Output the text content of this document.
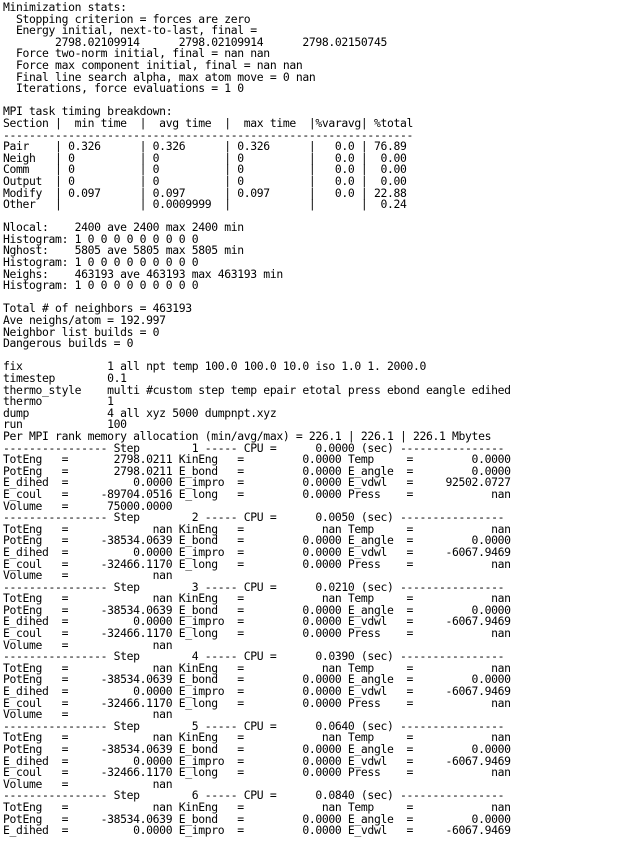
Minimization stats:
Stopping criterion = forces are zero
Energy initial, next-to-last, final =
2798.02109914      2798.02109914      2798.02150745
Force two-norm initial, final = nan nan
Force max component initial, final = nan nan
Final line search alpha, max atom move = 0 nan
Iterations, force evaluations = 1 0

MPI task timing breakdown:
Section |  min time  |  avg time  |  max time  |%varavg| %total
---------------------------------------------------------------
Pair    | 0.326      | 0.326      | 0.326      |   0.0 | 76.89
Neigh   | 0          | 0          | 0          |   0.0 |  0.00
Comm    | 0          | 0          | 0          |   0.0 |  0.00
Output  | 0          | 0          | 0          |   0.0 |  0.00
Modify  | 0.097      | 0.097      | 0.097      |   0.0 | 22.88
Other   |            | 0.0009999  |            |       |  0.24

Nlocal:    2400 ave 2400 max 2400 min
Histogram: 1 0 0 0 0 0 0 0 0 0
Nghost:    5805 ave 5805 max 5805 min
Histogram: 1 0 0 0 0 0 0 0 0 0
Neighs:    463193 ave 463193 max 463193 min
Histogram: 1 0 0 0 0 0 0 0 0 0

Total # of neighbors = 463193
Ave neighs/atom = 192.997
Neighbor list builds = 0
Dangerous builds = 0

fix             1 all npt temp 100.0 100.0 10.0 iso 1.0 1. 2000.0
timestep        0.1
thermo_style    multi #custom step temp epair etotal press ebond eangle edihed
thermo          1
dump            4 all xyz 5000 dumpnpt.xyz
run             100
Per MPI rank memory allocation (min/avg/max) = 226.1 | 226.1 | 226.1 Mbytes
---------------- Step        1 ----- CPU =      0.0000 (sec) ----------------
TotEng   =       2798.0211 KinEng   =         0.0000 Temp     =         0.0000
PotEng   =       2798.0211 E_bond   =         0.0000 E_angle  =         0.0000
E_dihed  =          0.0000 E_impro  =         0.0000 E_vdwl   =     92502.0727
E_coul   =     -89704.0516 E_long   =         0.0000 Press    =            nan
Volume   =      75000.0000
---------------- Step        2 ----- CPU =      0.0050 (sec) ----------------
TotEng   =             nan KinEng   =            nan Temp     =            nan
PotEng   =     -38534.0639 E_bond   =         0.0000 E_angle  =         0.0000
E_dihed  =          0.0000 E_impro  =         0.0000 E_vdwl   =     -6067.9469
E_coul   =     -32466.1170 E_long   =         0.0000 Press    =            nan
Volume   =             nan
---------------- Step        3 ----- CPU =      0.0210 (sec) ----------------
TotEng   =             nan KinEng   =            nan Temp     =            nan
PotEng   =     -38534.0639 E_bond   =         0.0000 E_angle  =         0.0000
E_dihed  =          0.0000 E_impro  =         0.0000 E_vdwl   =     -6067.9469
E_coul   =     -32466.1170 E_long   =         0.0000 Press    =            nan
Volume   =             nan
---------------- Step        4 ----- CPU =      0.0390 (sec) ----------------
TotEng   =             nan KinEng   =            nan Temp     =            nan
PotEng   =     -38534.0639 E_bond   =         0.0000 E_angle  =         0.0000
E_dihed  =          0.0000 E_impro  =         0.0000 E_vdwl   =     -6067.9469
E_coul   =     -32466.1170 E_long   =         0.0000 Press    =            nan
Volume   =             nan
---------------- Step        5 ----- CPU =      0.0640 (sec) ----------------
TotEng   =             nan KinEng   =            nan Temp     =            nan
PotEng   =     -38534.0639 E_bond   =         0.0000 E_angle  =         0.0000
E_dihed  =          0.0000 E_impro  =         0.0000 E_vdwl   =     -6067.9469
E_coul   =     -32466.1170 E_long   =         0.0000 Press    =            nan
Volume   =             nan
---------------- Step        6 ----- CPU =      0.0840 (sec) ----------------
TotEng   =             nan KinEng   =            nan Temp     =            nan
PotEng   =     -38534.0639 E_bond   =         0.0000 E_angle  =         0.0000
E_dihed  =          0.0000 E_impro  =         0.0000 E_vdwl   =     -6067.9469
